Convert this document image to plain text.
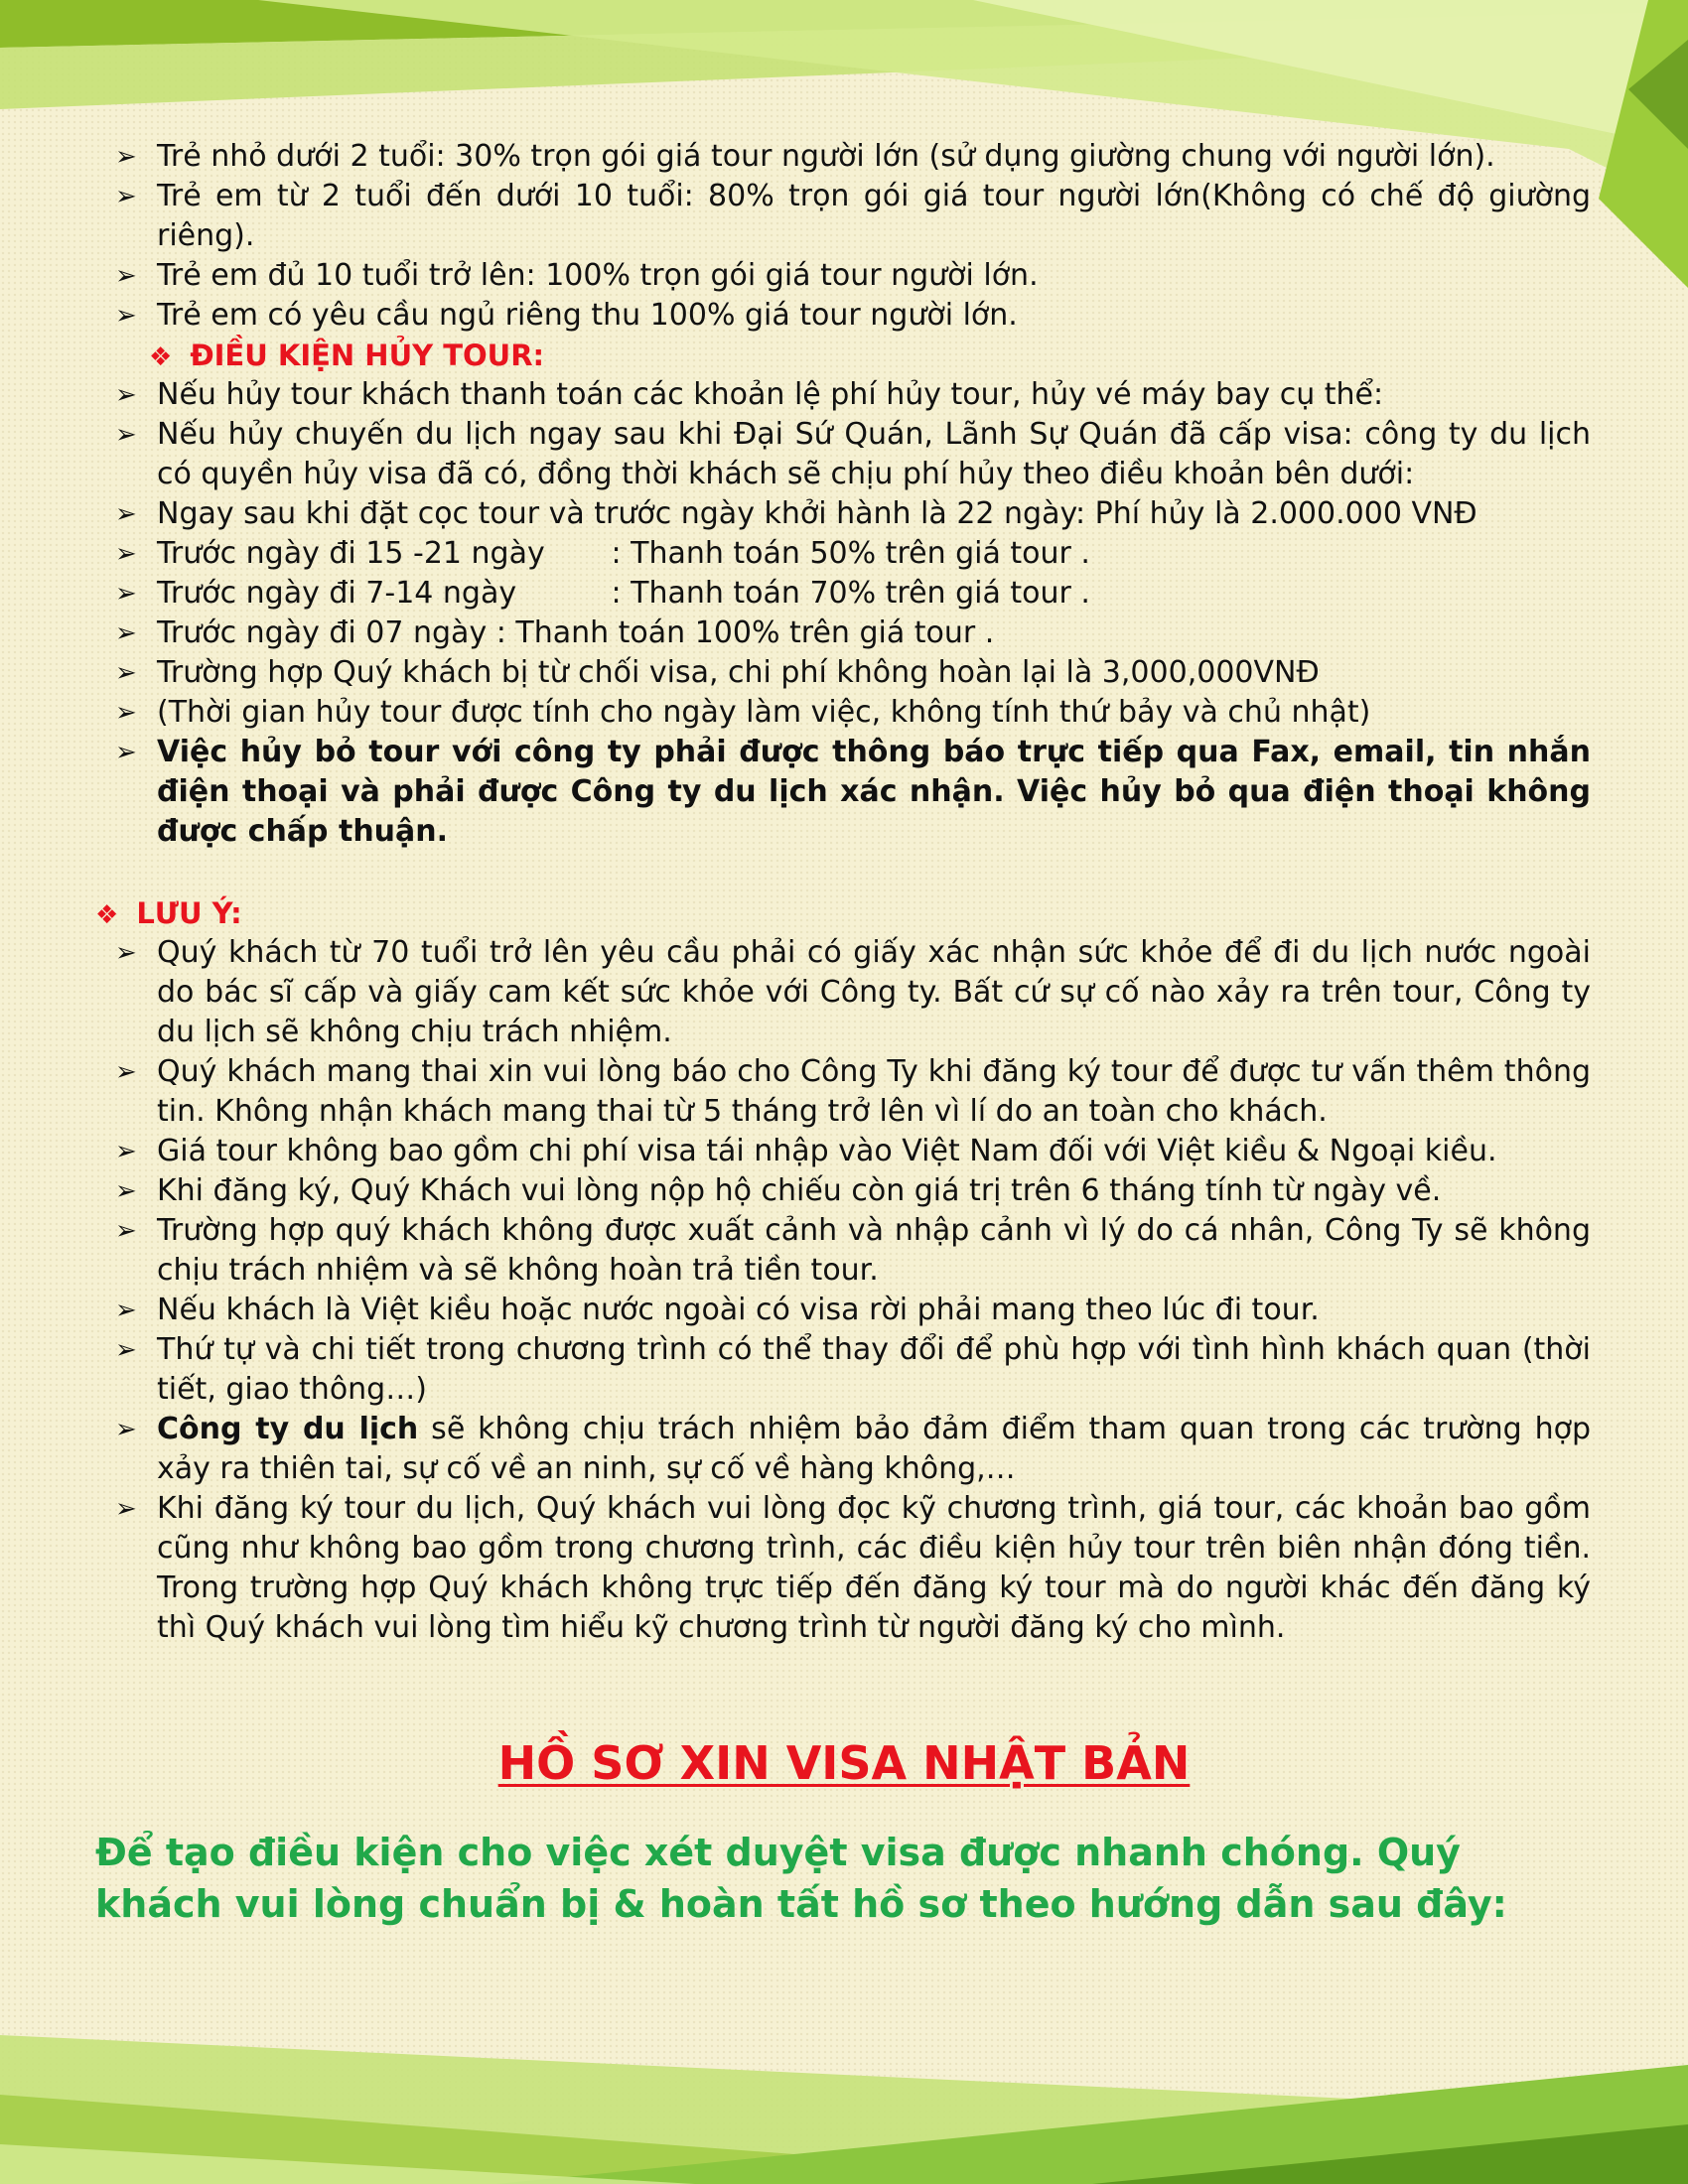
➢ Trẻ nhỏ dưới 2 tuổi: 30% trọn gói giá tour người lớn (sử dụng giường chung với người lớn).
➢ Trẻ em từ 2 tuổi đến dưới 10 tuổi: 80% trọn gói giá tour người lớn(Không có chế độ giường riêng).
➢ Trẻ em đủ 10 tuổi trở lên: 100% trọn gói giá tour người lớn.
➢ Trẻ em có yêu cầu ngủ riêng thu 100% giá tour người lớn.
❖ ĐIỀU KIỆN HỦY TOUR:
➢ Nếu hủy tour khách thanh toán các khoản lệ phí hủy tour, hủy vé máy bay cụ thể:
➢ Nếu hủy chuyến du lịch ngay sau khi Đại Sứ Quán, Lãnh Sự Quán đã cấp visa: công ty du lịch có quyền hủy visa đã có, đồng thời khách sẽ chịu phí hủy theo điều khoản bên dưới:
➢ Ngay sau khi đặt cọc tour và trước ngày khởi hành là 22 ngày: Phí hủy là 2.000.000 VNĐ
➢ Trước ngày đi 15 -21 ngày       : Thanh toán 50% trên giá tour .
➢ Trước ngày đi 7-14 ngày          : Thanh toán 70% trên giá tour .
➢ Trước ngày đi 07 ngày : Thanh toán 100% trên giá tour .
➢ Trường hợp Quý khách bị từ chối visa, chi phí không hoàn lại là 3,000,000VNĐ
➢ (Thời gian hủy tour được tính cho ngày làm việc, không tính thứ bảy và chủ nhật)
➢ Việc hủy bỏ tour với công ty phải được thông báo trực tiếp qua Fax, email, tin nhắn điện thoại và phải được Công ty du lịch xác nhận. Việc hủy bỏ qua điện thoại không được chấp thuận.
❖ LƯU Ý:
➢ Quý khách từ 70 tuổi trở lên yêu cầu phải có giấy xác nhận sức khỏe để đi du lịch nước ngoài do bác sĩ cấp và giấy cam kết sức khỏe với Công ty. Bất cứ sự cố nào xảy ra trên tour, Công ty du lịch sẽ không chịu trách nhiệm.
➢ Quý khách mang thai xin vui lòng báo cho Công Ty khi đăng ký tour để được tư vấn thêm thông tin. Không nhận khách mang thai từ 5 tháng trở lên vì lí do an toàn cho khách.
➢ Giá tour không bao gồm chi phí visa tái nhập vào Việt Nam đối với Việt kiều & Ngoại kiều.
➢ Khi đăng ký, Quý Khách vui lòng nộp hộ chiếu còn giá trị trên 6 tháng tính từ ngày về.
➢ Trường hợp quý khách không được xuất cảnh và nhập cảnh vì lý do cá nhân, Công Ty sẽ không chịu trách nhiệm và sẽ không hoàn trả tiền tour.
➢ Nếu khách là Việt kiều hoặc nước ngoài có visa rời phải mang theo lúc đi tour.
➢ Thứ tự và chi tiết trong chương trình có thể thay đổi để phù hợp với tình hình khách quan (thời tiết, giao thông…)
➢ Công ty du lịch sẽ không chịu trách nhiệm bảo đảm điểm tham quan trong các trường hợp xảy ra thiên tai, sự cố về an ninh, sự cố về hàng không,…
➢ Khi đăng ký tour du lịch, Quý khách vui lòng đọc kỹ chương trình, giá tour, các khoản bao gồm cũng như không bao gồm trong chương trình, các điều kiện hủy tour trên biên nhận đóng tiền. Trong trường hợp Quý khách không trực tiếp đến đăng ký tour mà do người khác đến đăng ký thì Quý khách vui lòng tìm hiểu kỹ chương trình từ người đăng ký cho mình.
HỒ SƠ XIN VISA NHẬT BẢN
Để tạo điều kiện cho việc xét duyệt visa được nhanh chóng. Quý khách vui lòng chuẩn bị & hoàn tất hồ sơ theo hướng dẫn sau đây:
